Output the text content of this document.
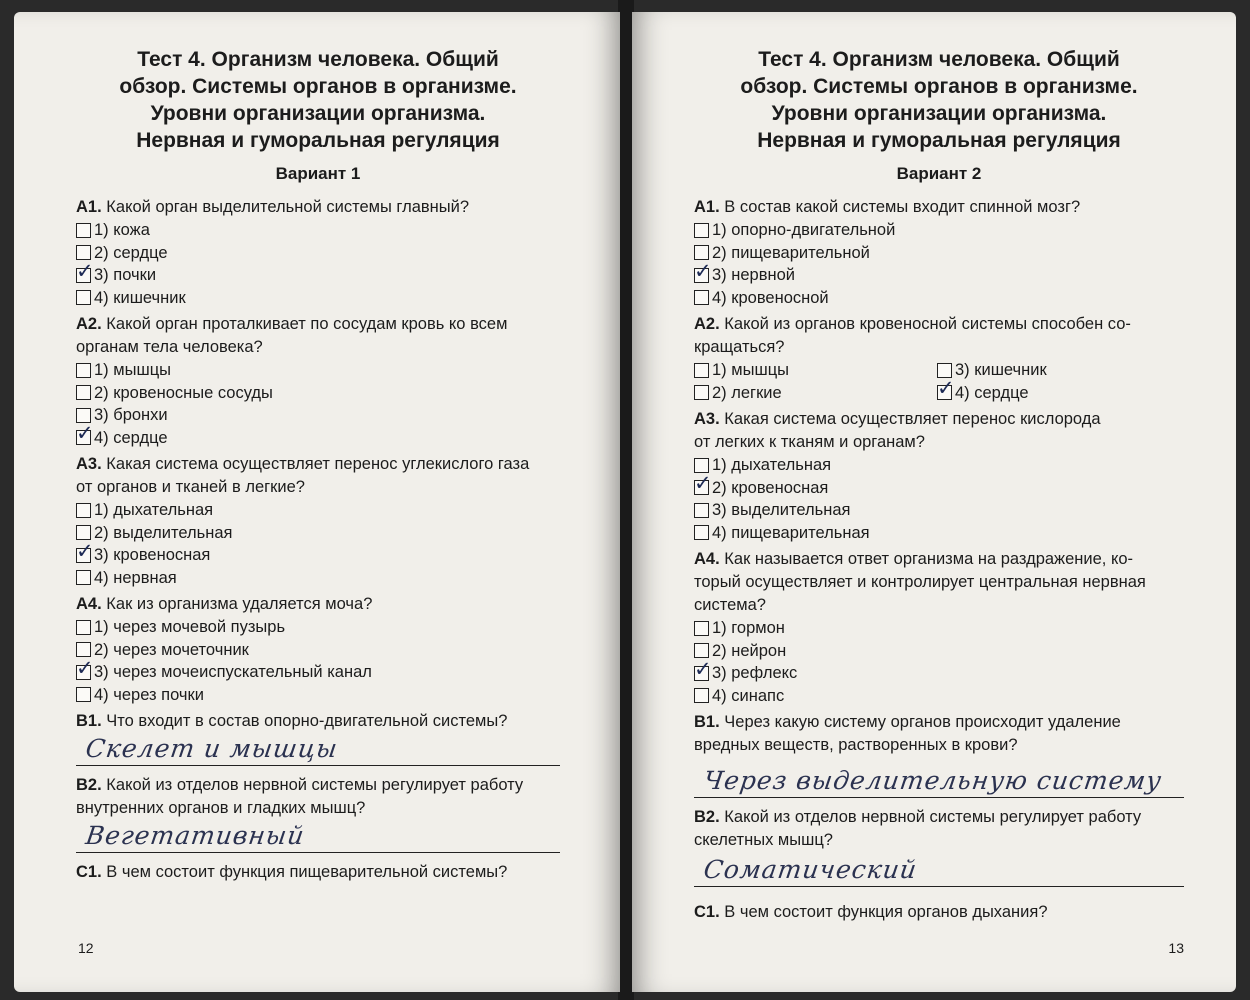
Тест 4. Организм человека. Общий
обзор. Системы органов в организме.
Уровни организации организма.
Нервная и гуморальная регуляция
Вариант 1

А1. Какой орган выделительной системы главный?

1) кожа
2) сердце
✓
3) почки
4) кишечник

А2. Какой орган проталкивает по сосудам кровь ко всем
органам тела человека?

1) мышцы
2) кровеносные сосуды
3) бронхи
✓
4) сердце

А3. Какая система осуществляет перенос углекислого газа
от органов и тканей в легкие?

1) дыхательная
2) выделительная
✓
3) кровеносная
4) нервная

А4. Как из организма удаляется моча?

1) через мочевой пузырь
2) через мочеточник
✓
3) через мочеиспускательный канал
4) через почки

В1. Что входит в состав опорно-двигательной системы?

Скелет и мышцы

В2. Какой из отделов нервной системы регулирует работу
внутренних органов и гладких мышц?

Вегетативный

С1. В чем состоит функция пищеварительной системы?

12
Тест 4. Организм человека. Общий
обзор. Системы органов в организме.
Уровни организации организма.
Нервная и гуморальная регуляция
Вариант 2

А1. В состав какой системы входит спинной мозг?

1) опорно-двигательной
2) пищеварительной
✓
3) нервной
4) кровеносной

А2. Какой из органов кровеносной системы способен со-
кращаться?

1) мышцы	3) кишечник
2) легкие
✓	4) сердце

А3. Какая система осуществляет перенос кислорода
от легких к тканям и органам?

1) дыхательная
✓
2) кровеносная
3) выделительная
4) пищеварительная

А4. Как называется ответ организма на раздражение, ко-
торый осуществляет и контролирует центральная нервная
система?

1) гормон
2) нейрон
✓
3) рефлекс
4) синапс

В1. Через какую систему органов происходит удаление
вредных веществ, растворенных в крови?

Через выделительную систему

В2. Какой из отделов нервной системы регулирует работу
скелетных мышц?

Соматический

С1. В чем состоит функция органов дыхания?

13
